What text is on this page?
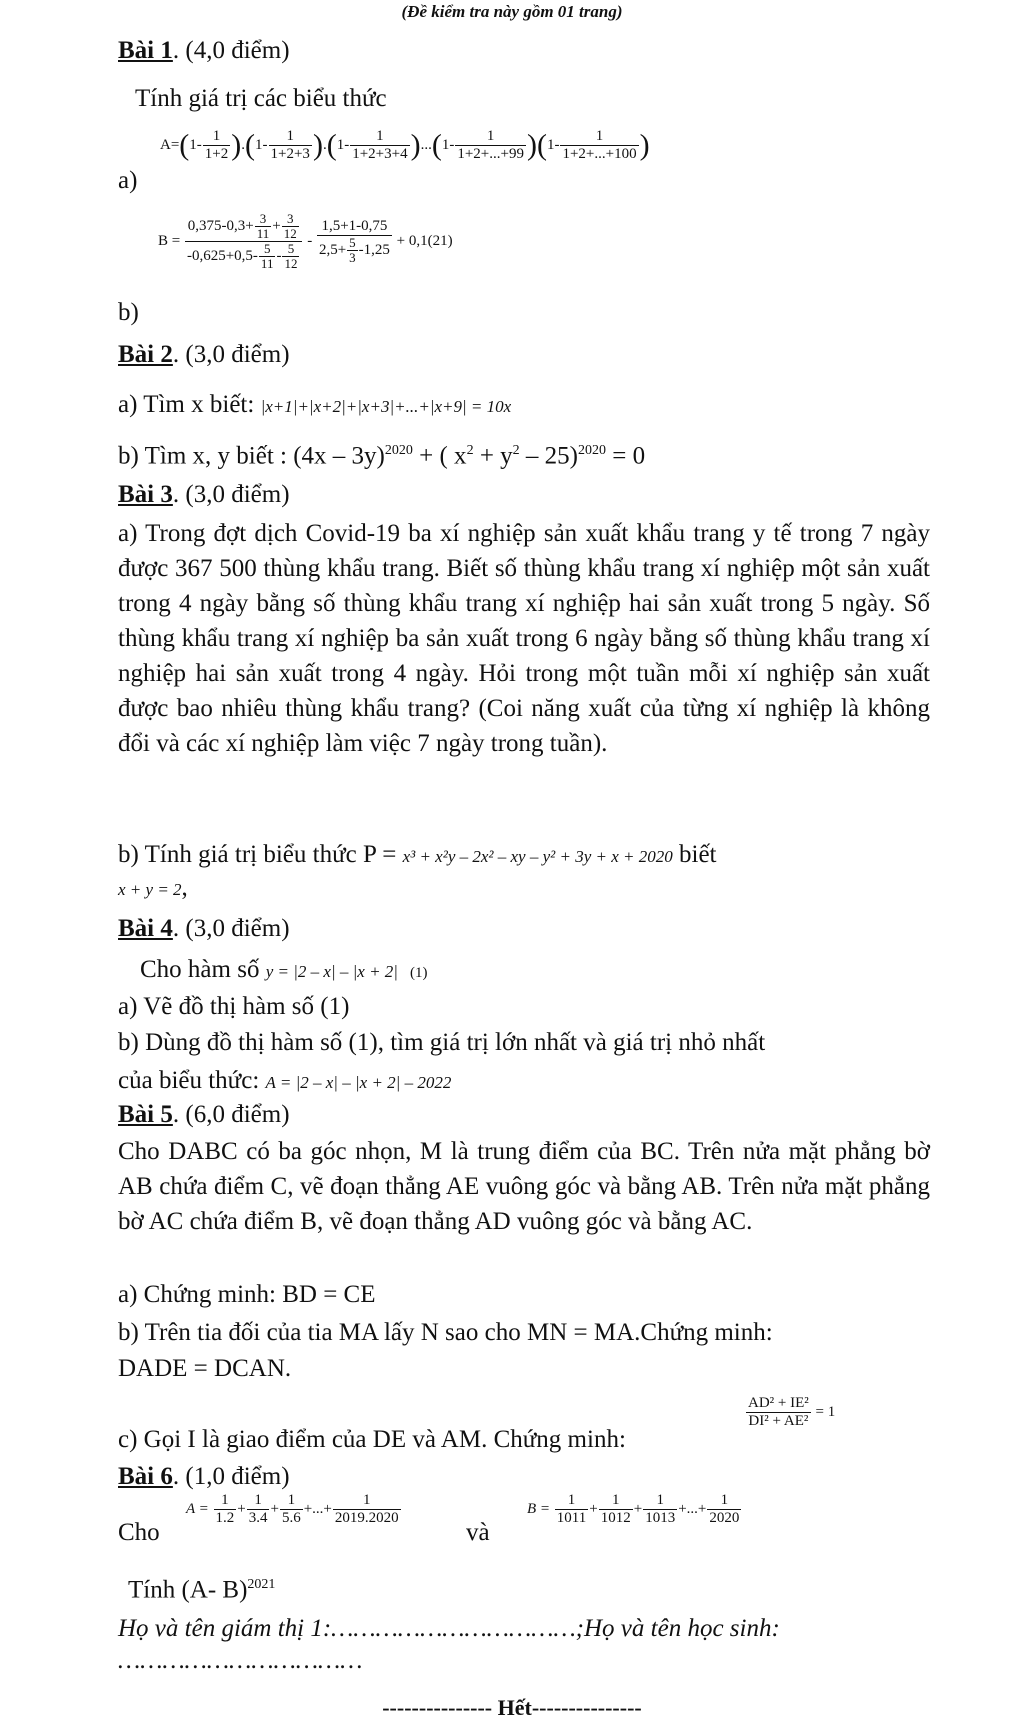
(Đề kiểm tra này gồm 01 trang)
Bài 1. (4,0 điểm)
Tính giá trị các biểu thức
a)
$A=(1- \frac{1}{1+2} ).(1- \frac{1}{1+2+3} ).(1- \frac{1}{1+2+3+4} )...(1- \frac{1}{1+2+...+99} )(1- \frac{1}{1+2+...+100}$ )
b)
$B = \frac{0,375-0,3+ \frac{3}{11} + \frac{3}{12}}{-0,625+0,5- \frac{5}{11} - \frac{5}{12}} - \frac{1,5+1-0,75}{2,5+ \frac{5}{3} -1,25} + 0,1(21)$
Bài 2. (3,0 điểm)
a) Tìm x biết: |x+1|+|x+2|+|x+3|+...+|x+9| = 10x
b) Tìm x, y biết : (4x – 3y)$^{2020}$ + ( $x^2 + y^2 - 25)^{2020} = 0$
Bài 3. (3,0 điểm)
a) Trong đợt dịch Covid-19 ba xí nghiệp sản xuất khẩu trang y tế trong 7 ngày được 367 500 thùng khẩu trang. Biết số thùng khẩu trang xí nghiệp một sản xuất trong 4 ngày bằng số thùng khẩu trang xí nghiệp hai sản xuất trong 5 ngày. Số thùng khẩu trang xí nghiệp ba sản xuất trong 6 ngày bằng số thùng khẩu trang xí nghiệp hai sản xuất trong 4 ngày. Hỏi trong một tuần mỗi xí nghiệp sản xuất được bao nhiêu thùng khẩu trang? (Coi năng xuất của từng xí nghiệp là không đổi và các xí nghiệp làm việc 7 ngày trong tuần).
b) Tính giá trị biểu thức P = x³ + x²y – 2x² – xy – y² + 3y + x + 2020 biết
x + y = 2,
Bài 4. (3,0 điểm)
Cho hàm số y = |2 – x| – |x + 2| (1)
a) Vẽ đồ thị hàm số (1)
b) Dùng đồ thị hàm số (1), tìm giá trị lớn nhất và giá trị nhỏ nhất
của biểu thức: A = |2 – x| – |x + 2| – 2022
Bài 5. (6,0 điểm)
Cho DABC có ba góc nhọn, M là trung điểm của BC. Trên nửa mặt phẳng bờ AB chứa điểm C, vẽ đoạn thẳng AE vuông góc và bằng AB. Trên nửa mặt phẳng bờ AC chứa điểm B, vẽ đoạn thẳng AD vuông góc và bằng AC.
a) Chứng minh: BD = CE
b) Trên tia đối của tia MA lấy N sao cho MN = MA.Chứng minh:
DADE = DCAN.
c) Gọi I là giao điểm của DE và AM. Chứng minh:
$\frac{\text{AD² + IE²}}{\text{DI² + AE²}} = 1$
Bài 6. (1,0 điểm)
Cho
$A = \frac{1}{1.2} + \frac{1}{3.4} + \frac{1}{5.6}$ +...+ $\frac{1}{2019.2020}$
và
$B = \frac{1}{1011} + \frac{1}{1012} + \frac{1}{1013}$ +...+ $\frac{1}{2020}$
Tính (A- B)$^{2021}$
Họ và tên giám thị 1:……………………………;Họ và tên học sinh:
……………………………
--------------- Hết---------------
